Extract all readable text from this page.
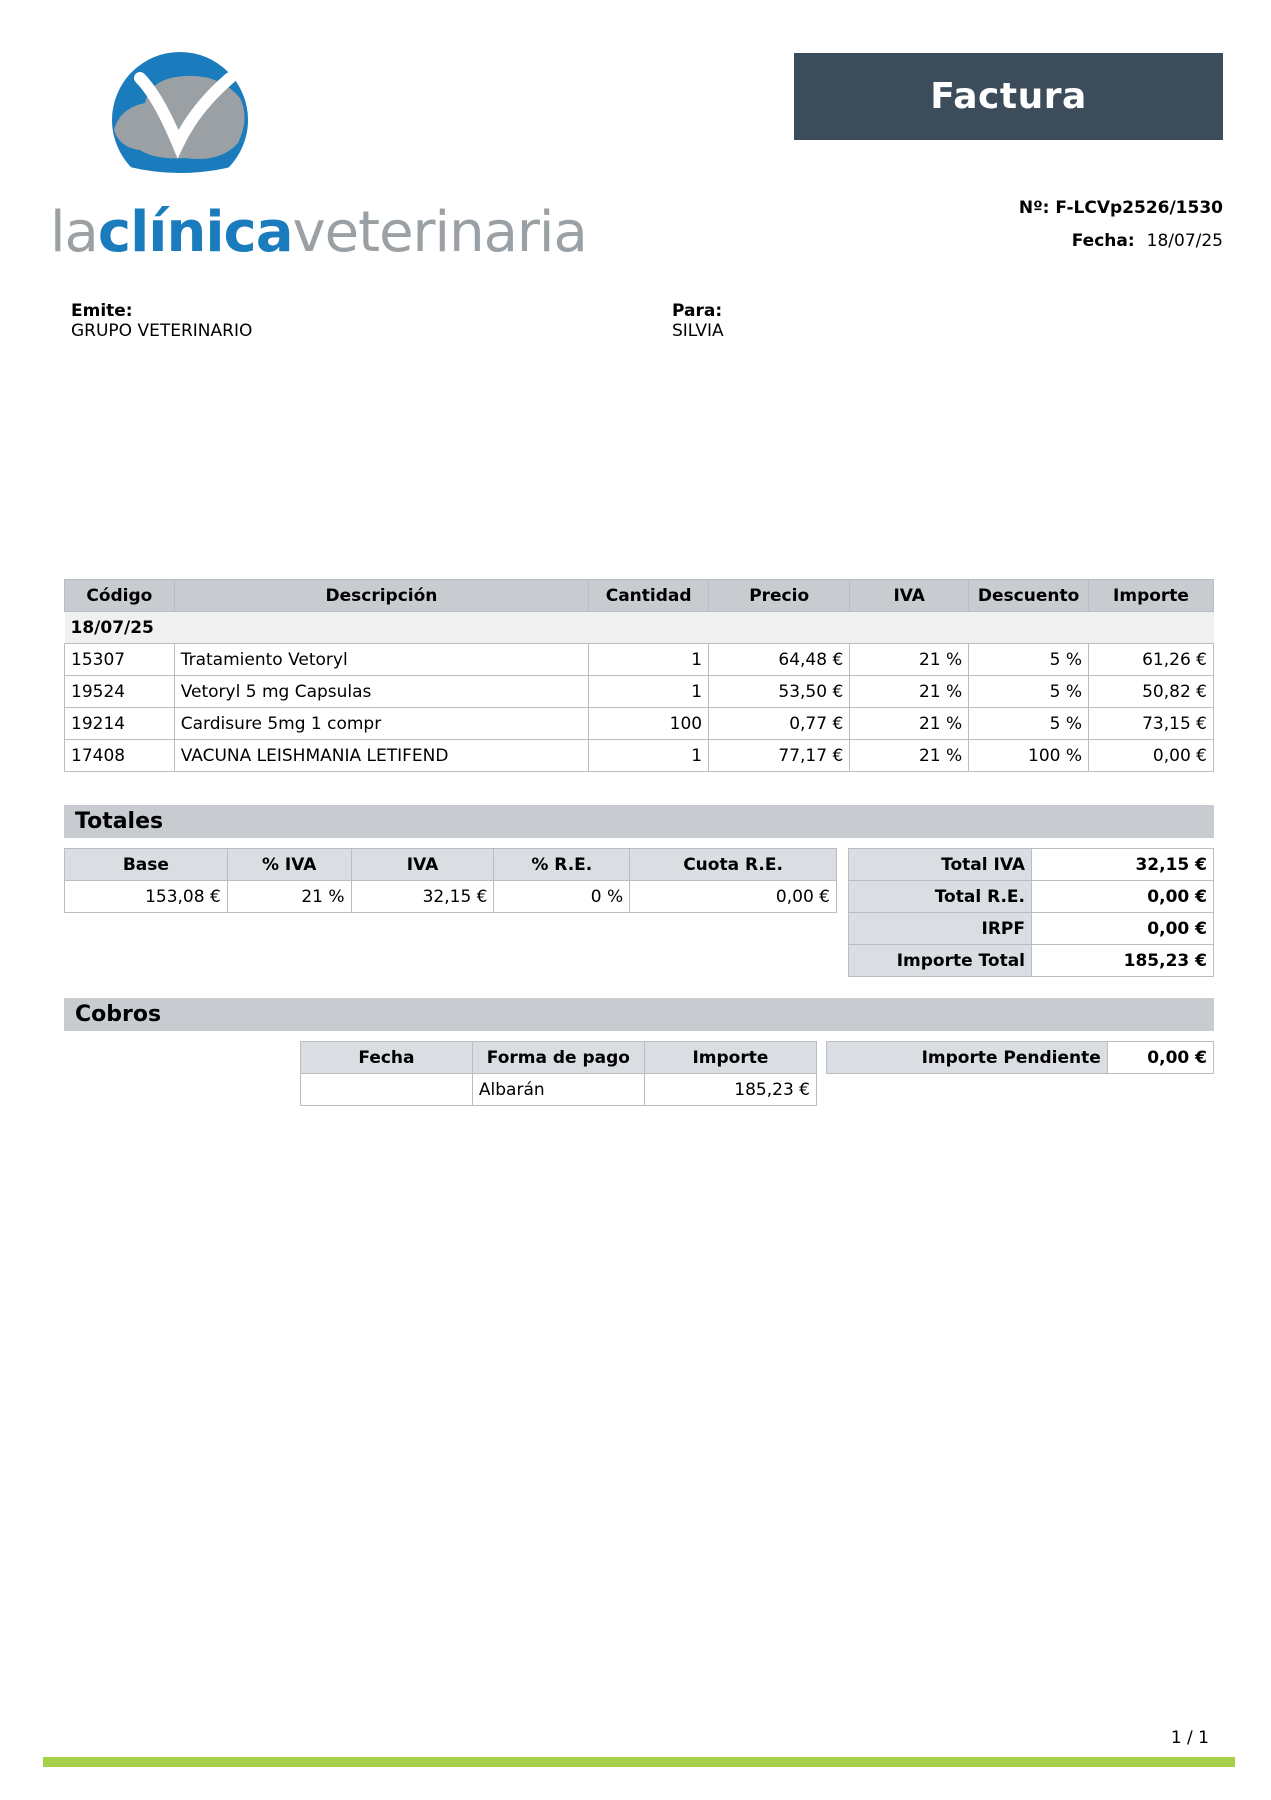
laclínicaveterinaria
Factura
Nº: F-LCVp2526/1530
Fecha: 18/07/25
Emite:
GRUPO VETERINARIO
Para:
SILVIA
Código	Descripción	Cantidad	Precio	IVA	Descuento	Importe
18/07/25						
15307	Tratamiento Vetoryl	1	64,48 €	21 %	5 %	61,26 €
19524	Vetoryl 5 mg Capsulas	1	53,50 €	21 %	5 %	50,82 €
19214	Cardisure 5mg 1 compr	100	0,77 €	21 %	5 %	73,15 €
17408	VACUNA LEISHMANIA LETIFEND	1	77,17 €	21 %	100 %	0,00 €
Totales
Base	% IVA	IVA	% R.E.	Cuota R.E.
153,08 €	21 %	32,15 €	0 %	0,00 €
Total IVA	32,15 €
Total R.E.	0,00 €
IRPF	0,00 €
Importe Total	185,23 €
Cobros
Fecha	Forma de pago	Importe
	Albarán	185,23 €
Importe Pendiente	0,00 €
1 / 1
